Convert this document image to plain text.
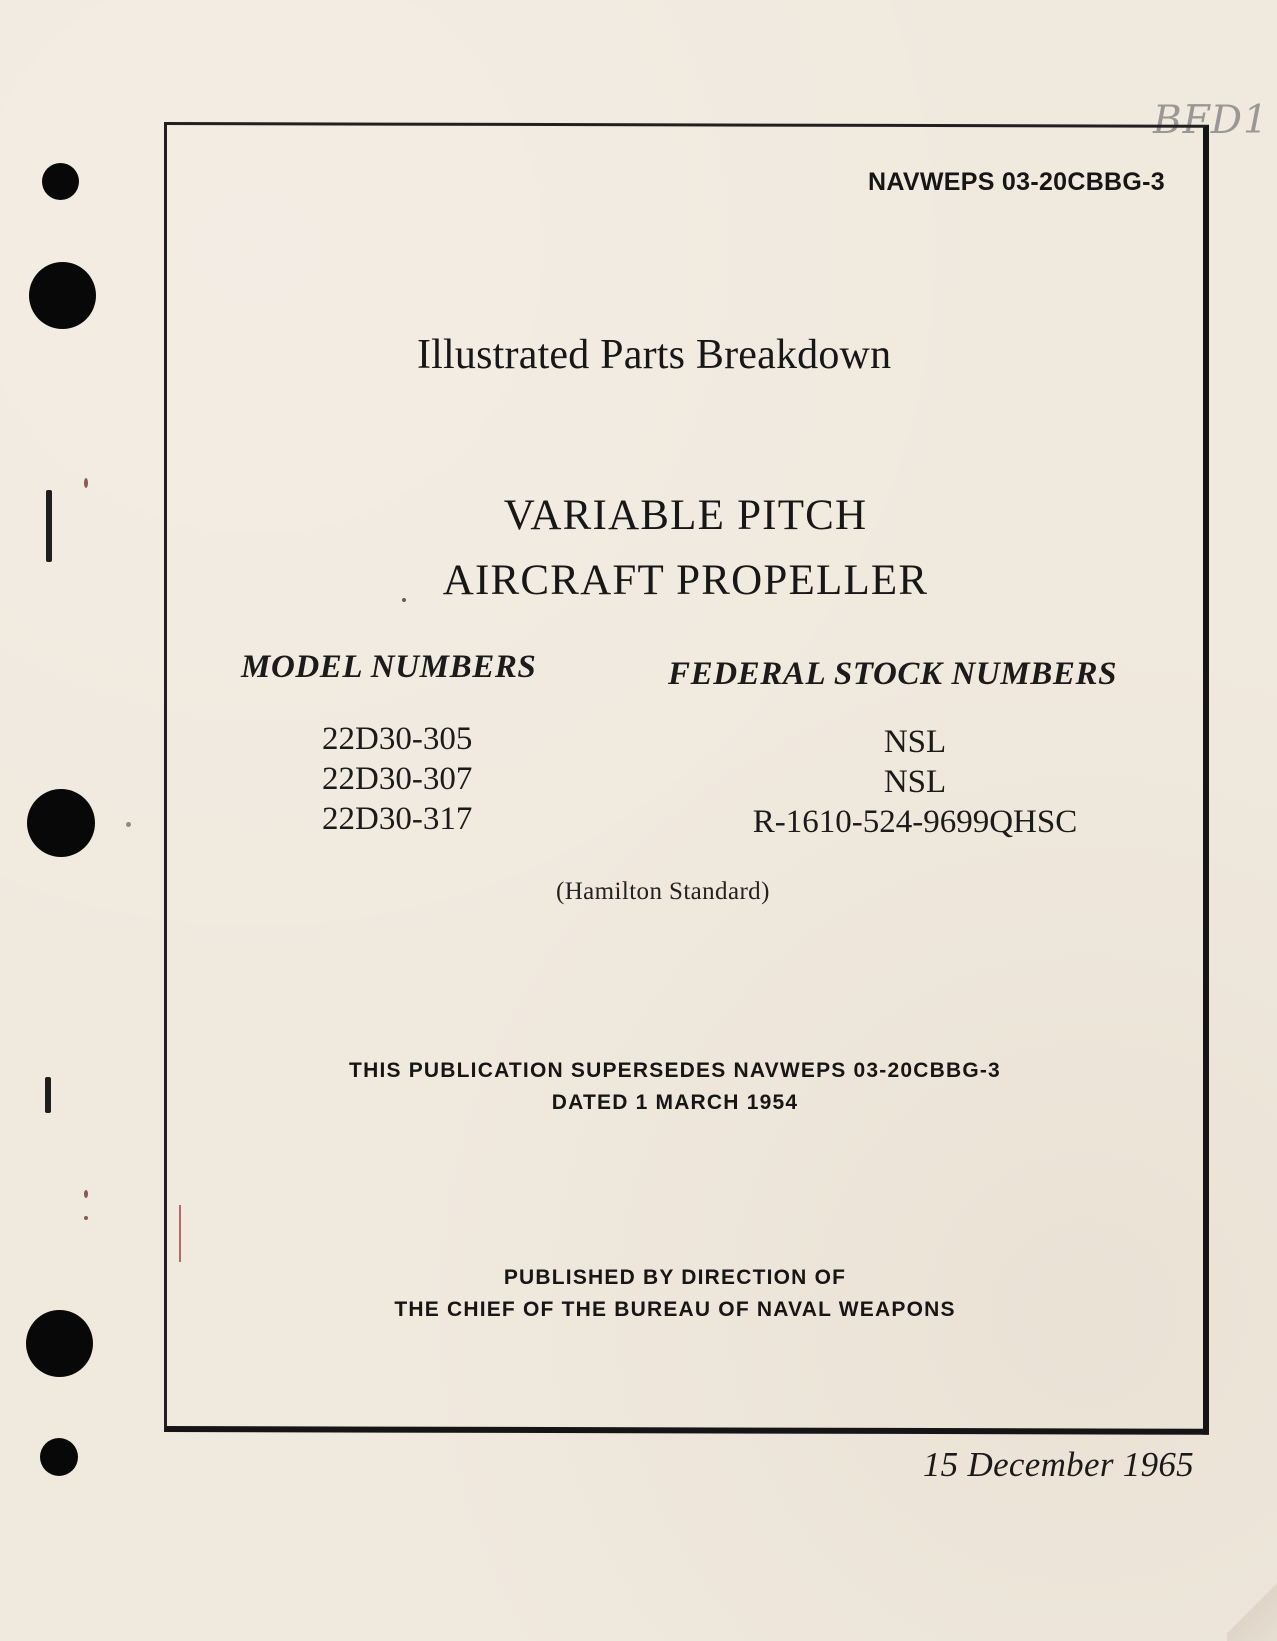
BFD1
NAVWEPS 03-20CBBG-3
Illustrated Parts Breakdown
VARIABLE PITCH
AIRCRAFT PROPELLER
MODEL NUMBERS	FEDERAL STOCK NUMBERS
22D30-305
22D30-307
22D30-317
NSL
NSL
R-1610-524-9699QHSC
(Hamilton Standard)
THIS PUBLICATION SUPERSEDES NAVWEPS 03-20CBBG-3
DATED 1 MARCH 1954
PUBLISHED BY DIRECTION OF
THE CHIEF OF THE BUREAU OF NAVAL WEAPONS
15 December 1965
